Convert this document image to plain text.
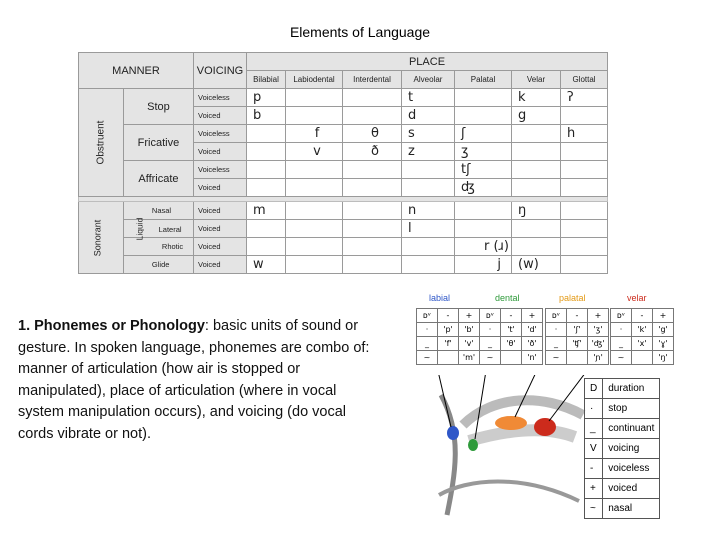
Elements of Language
MANNER		VOICING	PLACE						
			Bilabial	Labiodental	Interdental	Alveolar	Palatal	Velar	Glottal
Obstruent	Stop	Voiceless	p			t		k	ʔ
		Voiced	b			d		g	
	Fricative	Voiceless		f	θ	s	ʃ		h
		Voiced		v	ð	z	ʒ		
	Affricate	Voiceless					tʃ		
		Voiced					ʤ		

Sonorant	Nasal	Voiced	m			n		ŋ	
	Liquid Lateral	Voiced				l			
	Rhotic	Voiced					r (ɹ)		
	Glide	Voiced	w				j	(w)	
1. Phonemes or Phonology: basic units of sound or gesture. In spoken language, phonemes are combo of: manner of articulation (how air is stopped or manipulated), place of articulation (where in vocal system manipulation occurs), and voicing (do vocal cords vibrate or not).
labial	dental	palatal	velar
ᴅᵛ	-	+
·	'p'	'b'
_	'f'	'v'
~		'm'
ᴅᵛ	-	+
·	't'	'd'
_	'θ'	'ð'
~		'n'
ᴅᵛ	-	+
·	'ʃ'	'ʒ'
_	'ʧ'	'ʤ'
~		'ɲ'
ᴅᵛ	-	+
·	'k'	'g'
_	'x'	'ɣ'
~		'ŋ'
D	duration
·	stop
_	continuant
V	voicing
-	voiceless
+	voiced
~	nasal
